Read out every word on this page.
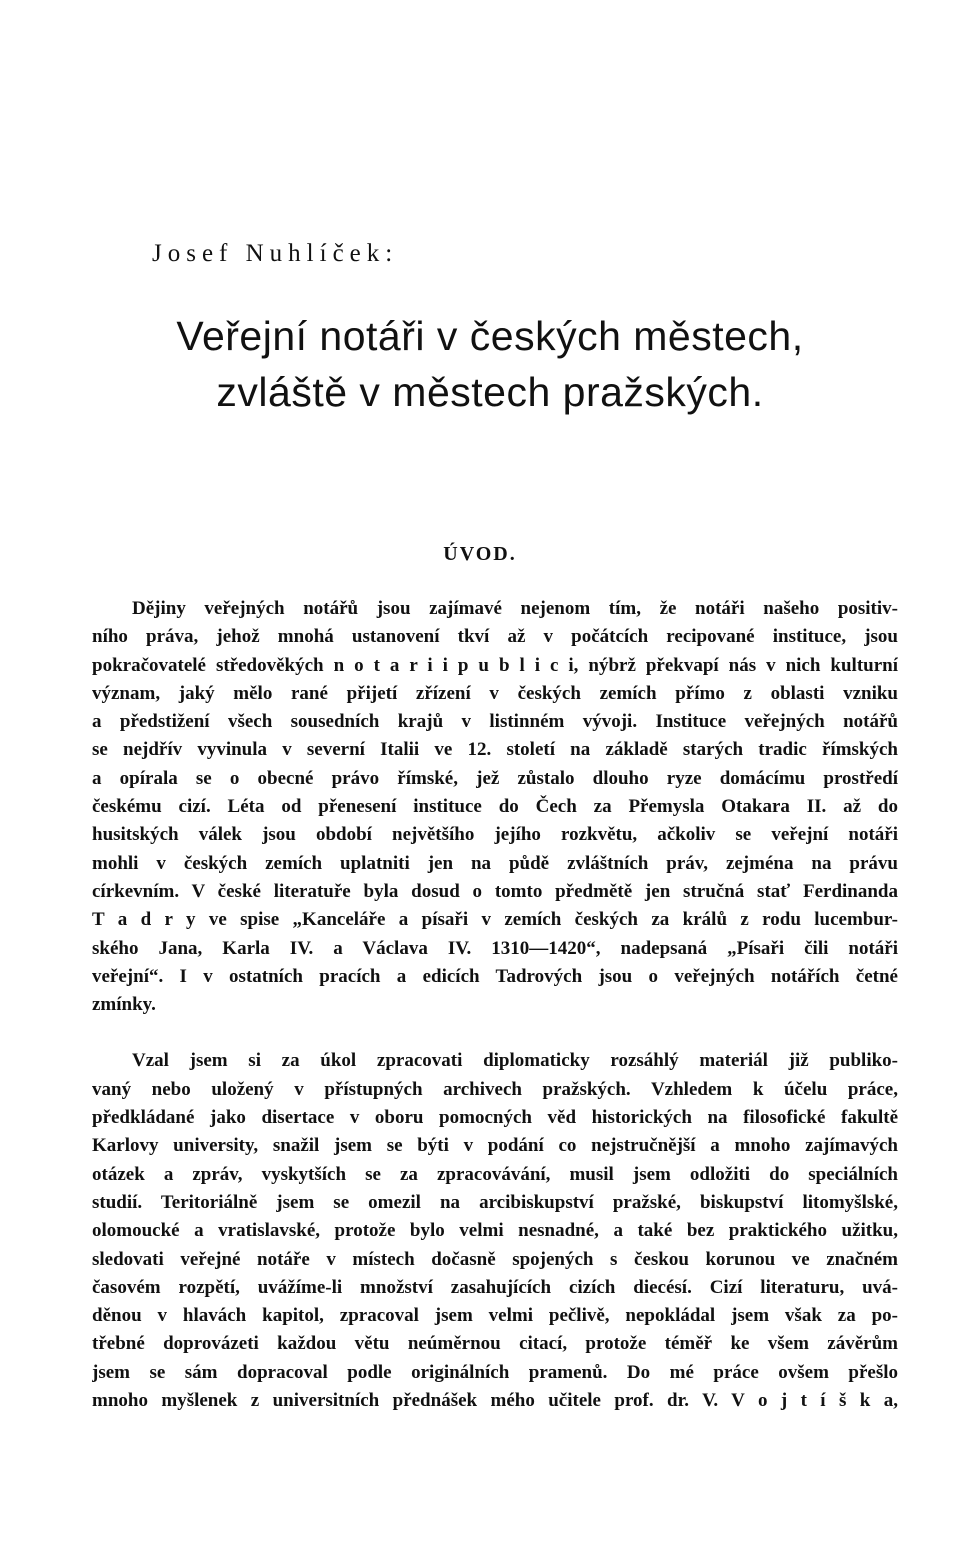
Josef Nuhlíček:
Veřejní notáři v českých městech,
zvláště v městech pražských.
ÚVOD.

Dějiny veřejných notářů jsou zajímavé nejenom tím, že notáři našeho positiv-
ního práva, jehož mnohá ustanovení tkví až v počátcích recipované instituce, jsou
pokračovatelé středověkých n o t a r i i p u b l i c i, nýbrž překvapí nás v nich kulturní
význam, jaký mělo rané přijetí zřízení v českých zemích přímo z oblasti vzniku
a předstižení všech sousedních krajů v listinném vývoji. Instituce veřejných notářů
se nejdřív vyvinula v severní Italii ve 12. století na základě starých tradic římských
a opírala se o obecné právo římské, jež zůstalo dlouho ryze domácímu prostředí
českému cizí. Léta od přenesení instituce do Čech za Přemysla Otakara II. až do
husitských válek jsou období největšího jejího rozkvětu, ačkoliv se veřejní notáři
mohli v českých zemích uplatniti jen na půdě zvláštních práv, zejména na právu
církevním. V české literatuře byla dosud o tomto předmětě jen stručná stať Ferdinanda
T a d r y ve spise „Kanceláře a písaři v zemích českých za králů z rodu lucembur-
ského Jana, Karla IV. a Václava IV. 1310—1420“, nadepsaná „Písaři čili notáři
veřejní“. I v ostatních pracích a edicích Tadrových jsou o veřejných notářích četné
zmínky.

Vzal jsem si za úkol zpracovati diplomaticky rozsáhlý materiál již publiko-
vaný nebo uložený v přístupných archivech pražských. Vzhledem k účelu práce,
předkládané jako disertace v oboru pomocných věd historických na filosofické fakultě
Karlovy university, snažil jsem se býti v podání co nejstručnější a mnoho zajímavých
otázek a zpráv, vyskytších se za zpracovávání, musil jsem odložiti do speciálních
studií. Teritoriálně jsem se omezil na arcibiskupství pražské, biskupství litomyšlské,
olomoucké a vratislavské, protože bylo velmi nesnadné, a také bez praktického užitku,
sledovati veřejné notáře v místech dočasně spojených s českou korunou ve značném
časovém rozpětí, uvážíme-li množství zasahujících cizích diecésí. Cizí literaturu, uvá-
děnou v hlavách kapitol, zpracoval jsem velmi pečlivě, nepokládal jsem však za po-
třebné doprovázeti každou větu neúměrnou citací, protože téměř ke všem závěrům
jsem se sám dopracoval podle originálních pramenů. Do mé práce ovšem přešlo
mnoho myšlenek z universitních přednášek mého učitele prof. dr. V. V o j t í š k a,
